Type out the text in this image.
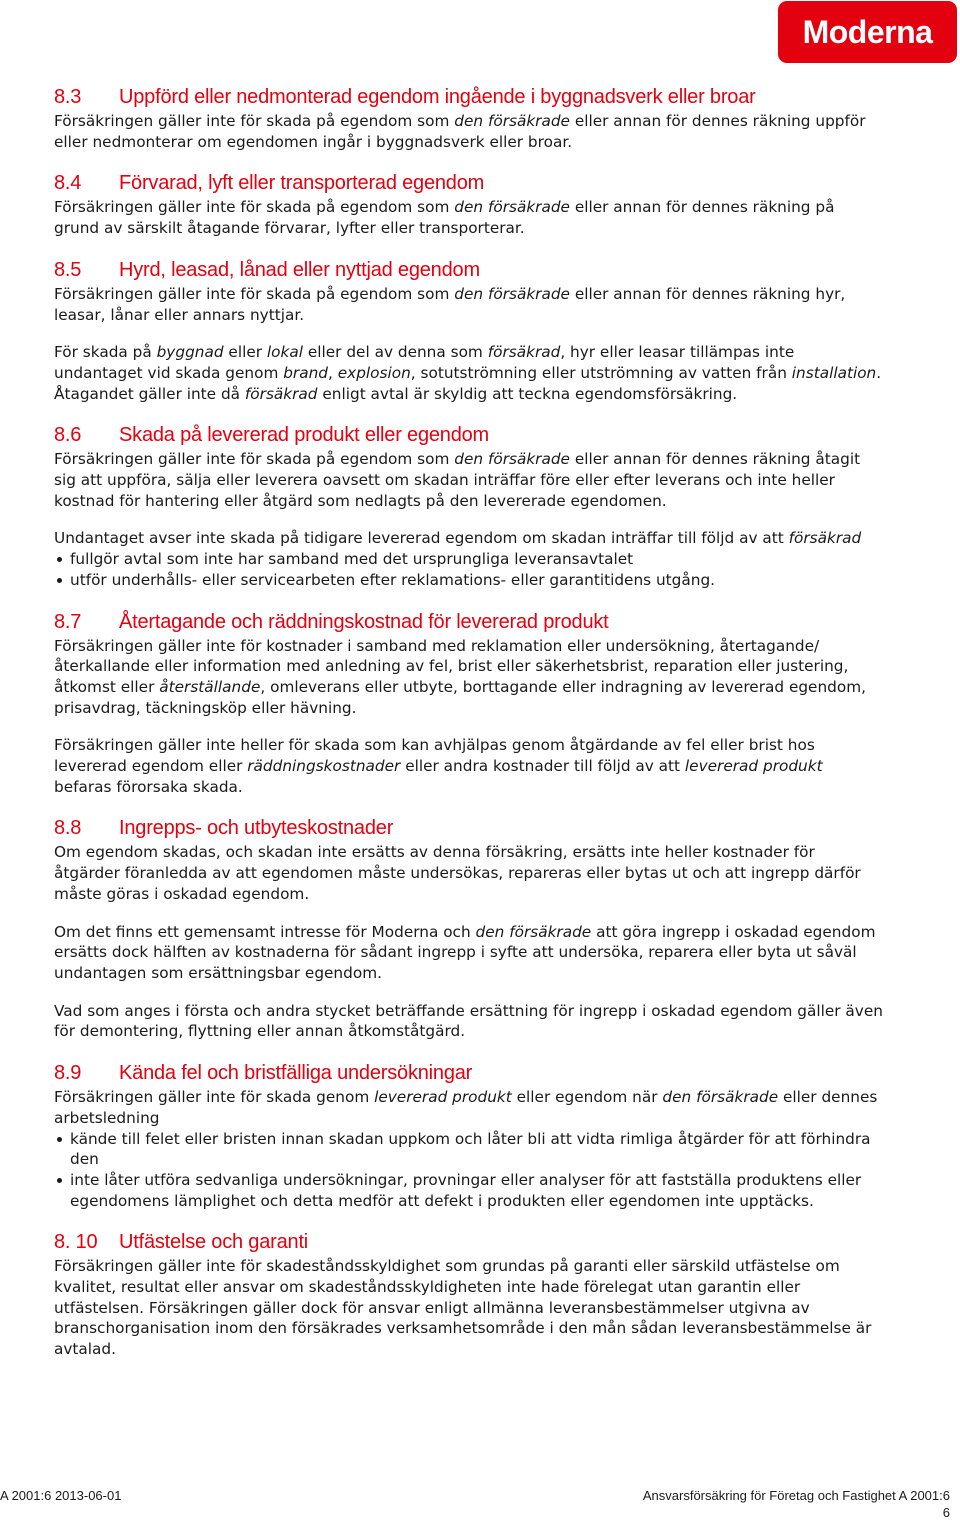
Moderna
8.3	Uppförd eller nedmonterad egendom ingående i byggnadsverk eller broar

Försäkringen gäller inte för skada på egendom som den försäkrade eller annan för dennes räkning uppför eller nedmonterar om egendomen ingår i byggnadsverk eller broar.

8.4	Förvarad, lyft eller transporterad egendom

Försäkringen gäller inte för skada på egendom som den försäkrade eller annan för dennes räkning på grund av särskilt åtagande förvarar, lyfter eller transporterar.

8.5	Hyrd, leasad, lånad eller nyttjad egendom

Försäkringen gäller inte för skada på egendom som den försäkrade eller annan för dennes räkning hyr, leasar, lånar eller annars nyttjar.

För skada på byggnad eller lokal eller del av denna som försäkrad, hyr eller leasar tillämpas inte undantaget vid skada genom brand, explosion, sotutströmning eller utströmning av vatten från installation. Åtagandet gäller inte då försäkrad enligt avtal är skyldig att teckna egendomsförsäkring.

8.6	Skada på levererad produkt eller egendom

Försäkringen gäller inte för skada på egendom som den försäkrade eller annan för dennes räkning åtagit sig att uppföra, sälja eller leverera oavsett om skadan inträffar före eller efter leverans och inte heller kostnad för hantering eller åtgärd som nedlagts på den levererade egendomen.

Undantaget avser inte skada på tidigare levererad egendom om skadan inträffar till följd av att försäkrad

fullgör avtal som inte har samband med det ursprungliga leveransavtalet
utför underhålls- eller servicearbeten efter reklamations- eller garantitidens utgång.
8.7	Återtagande och räddningskostnad för levererad produkt

Försäkringen gäller inte för kostnader i samband med reklamation eller undersökning, återtagande/återkallande eller information med anledning av fel, brist eller säkerhetsbrist, reparation eller justering, åtkomst eller återställande, omleverans eller utbyte, borttagande eller indragning av levererad egendom, prisavdrag, täckningsköp eller hävning.

Försäkringen gäller inte heller för skada som kan avhjälpas genom åtgärdande av fel eller brist hos levererad egendom eller räddningskostnader eller andra kostnader till följd av att levererad produkt befaras förorsaka skada.

8.8	Ingrepps- och utbyteskostnader

Om egendom skadas, och skadan inte ersätts av denna försäkring, ersätts inte heller kostnader för åtgärder föranledda av att egendomen måste undersökas, repareras eller bytas ut och att ingrepp därför måste göras i oskadad egendom.

Om det finns ett gemensamt intresse för Moderna och den försäkrade att göra ingrepp i oskadad egendom ersätts dock hälften av kostnaderna för sådant ingrepp i syfte att undersöka, reparera eller byta ut såväl undantagen som ersättningsbar egendom.

Vad som anges i första och andra stycket beträffande ersättning för ingrepp i oskadad egendom gäller även för demontering, flyttning eller annan åtkomståtgärd.

8.9	Kända fel och bristfälliga undersökningar

Försäkringen gäller inte för skada genom levererad produkt eller egendom när den försäkrade eller dennes arbetsledning

kände till felet eller bristen innan skadan uppkom och låter bli att vidta rimliga åtgärder för att förhindra den
inte låter utföra sedvanliga undersökningar, provningar eller analyser för att fastställa produktens eller egendomens lämplighet och detta medför att defekt i produkten eller egendomen inte upptäcks.
8. 10	Utfästelse och garanti

Försäkringen gäller inte för skadeståndsskyldighet som grundas på garanti eller särskild utfästelse om kvalitet, resultat eller ansvar om skadeståndsskyldigheten inte hade förelegat utan garantin eller utfästelsen. Försäkringen gäller dock för ansvar enligt allmänna leveransbestämmelser utgivna av branschorganisation inom den försäkrades verksamhetsområde i den mån sådan leveransbestämmelse är avtalad.

A 2001:6 2013-06-01	Ansvarsförsäkring för Företag och Fastighet A 2001:6
6
